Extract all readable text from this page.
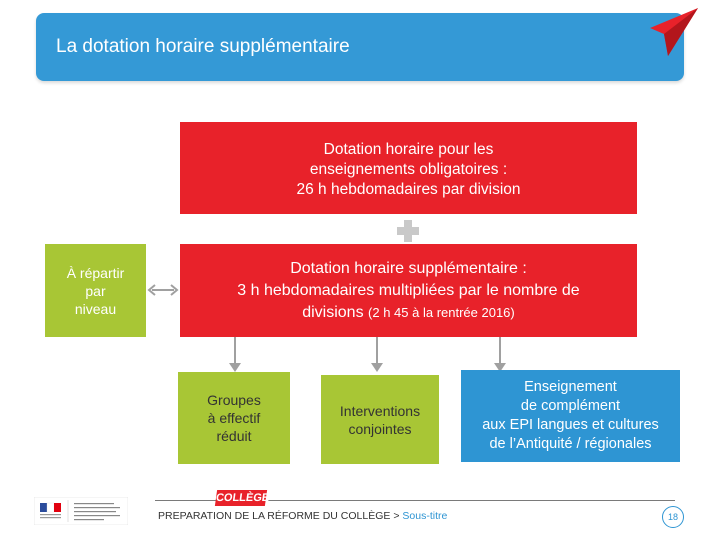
La dotation horaire supplémentaire
Dotation horaire pour les
enseignements obligatoires :
26 h hebdomadaires par division
Dotation horaire supplémentaire :
3 h hebdomadaires multipliées par le nombre de
divisions (2 h 45 à la rentrée 2016)
À répartir
par
niveau
Groupes
à effectif
réduit
Interventions
conjointes
Enseignement
de complément
aux EPI langues et cultures
de l’Antiquité / régionales
COLLÈGE
PREPARATION DE LA RÉFORME DU COLLÈGE > Sous-titre	18
